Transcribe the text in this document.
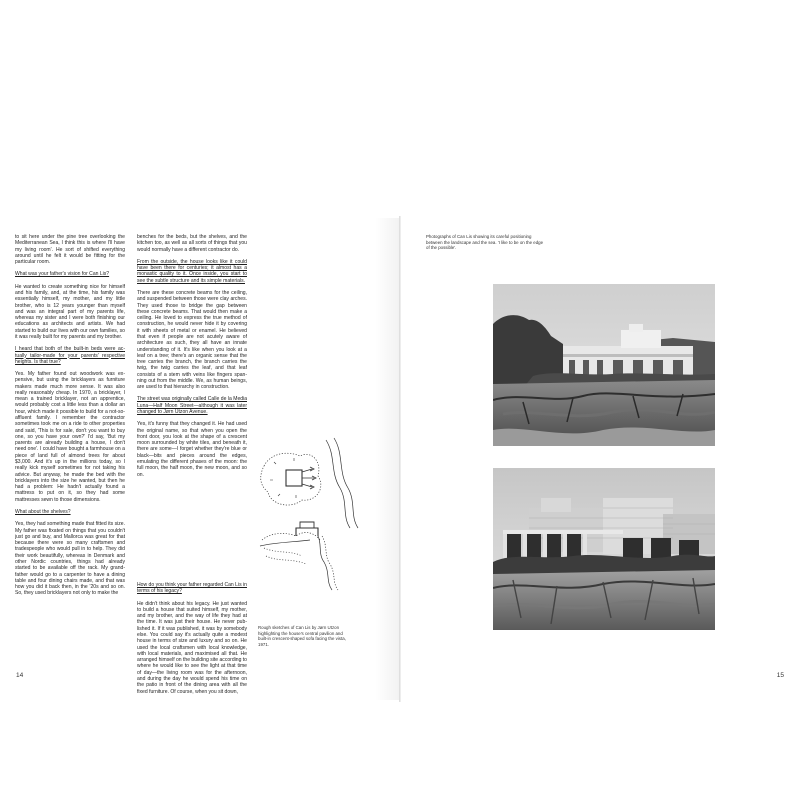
to sit here under the pine tree overlooking the Mediterranean Sea, I think this is where I'll have my living room'. He sort of shifted everything around until he felt it would be fitting for the particular room.

What was your father's vision for Can Lis?

He wanted to create something nice for himself and his family, and, at the time, his family was essentially himself, my mother, and my little brother, who is 12 years younger than myself and was an integral part of my parents life, whereas my sister and I were both finishing our educations as architects and artists. We had started to build our lives with our own families, so it was really built for my parents and my brother.

I heard that both of the built-in beds were actually tailor-made for your parents' respective heights. Is that true?

Yes. My father found out woodwork was expensive, but using the bricklayers as furniture makers made much more sense. It was also really reasonably cheap. In 1970, a bricklayer, I mean a trained bricklayer, not an apprentice, would probably cost a little less than a dollar an hour, which made it possible to build for a not-so-affluent family. I remember the contractor sometimes took me on a ride to other properties and said, 'This is for sale, don't you want to buy one, so you have your own?' I'd say, 'But my parents are already building a house, I don't need one'. I could have bought a farmhouse on a piece of land full of almond trees for about $3,000. And it's up in the millions today, so I really kick myself sometimes for not taking his advice. But anyway, he made the bed with the bricklayers into the size he wanted, but then he had a problem: He hadn't actually found a mattress to put on it, so they had some mattresses sewn to those dimensions.

What about the shelves?

Yes, they had something made that fitted its size. My father was fixated on things that you couldn't just go and buy, and Mallorca was great for that because there were so many craftsmen and tradespeople who would pull in to help. They did their work beautifully, whereas in Denmark and other Nordic countries, things had already started to be available off the rack. My grandfather would go to a carpenter to have a dining table and four dining chairs made, and that was how you did it back then, in the '20s and so on. So, they used bricklayers not only to make the

benches for the beds, but the shelves, and the kitchen too, as well as all sorts of things that you would normally have a different contractor do.

From the outside, the house looks like it could have been there for centuries; it almost has a monastic quality to it. Once inside, you start to see the subtle structure and its simple materials.

There are these concrete beams for the ceiling, and suspended between those were clay arches. They used those to bridge the gap between these concrete beams. That would then make a ceiling. He loved to express the true method of construction, he would never hide it by covering it with sheets of metal or enamel. He believed that even if people are not acutely aware of architecture as such, they all have an innate understanding of it. It's like when you look at a leaf on a tree; there's an organic sense that the tree carries the branch, the branch carries the twig, the twig carries the leaf, and that leaf consists of a stem with veins like fingers spanning out from the middle. We, as human beings, are used to that hierarchy in construction.

The street was originally called Calle de la Media Luna—Half Moon Street—although it was later changed to Jørn Utzon Avenue.

Yes, it's funny that they changed it. He had used the original name, so that when you open the front door, you look at the shape of a crescent moon surrounded by white tiles, and beneath it, there are some—I forget whether they're blue or black—bits and pieces around the edges, emulating the different phases of the moon: the full moon, the half moon, the new moon, and so on.

How do you think your father regarded Can Lis in terms of his legacy?

He didn't think about his legacy. He just wanted to build a house that suited himself, my mother, and my brother, and the way of life they had at the time. It was just their house. He never published it. If it was published, it was by somebody else. You could say it's actually quite a modest house in terms of size and luxury and so on. He used the local craftsmen with local knowledge, with local materials, and maximised all that. He arranged himself on the building site according to where he would like to see the light at that time of day—the living room was for the afternoon, and during the day he would spend his time on the patio in front of the dining area with all the fixed furniture. Of course, when you sit down,

Rough sketches of Can Lis by Jørn Utzon highlighting the house's central pavilion and built-in crescent-shaped sofa facing the vista, 1971.
14
Photographs of Can Lis showing its careful positioning between the landscape and the sea. 'I like to be on the edge of the possible'.
15
